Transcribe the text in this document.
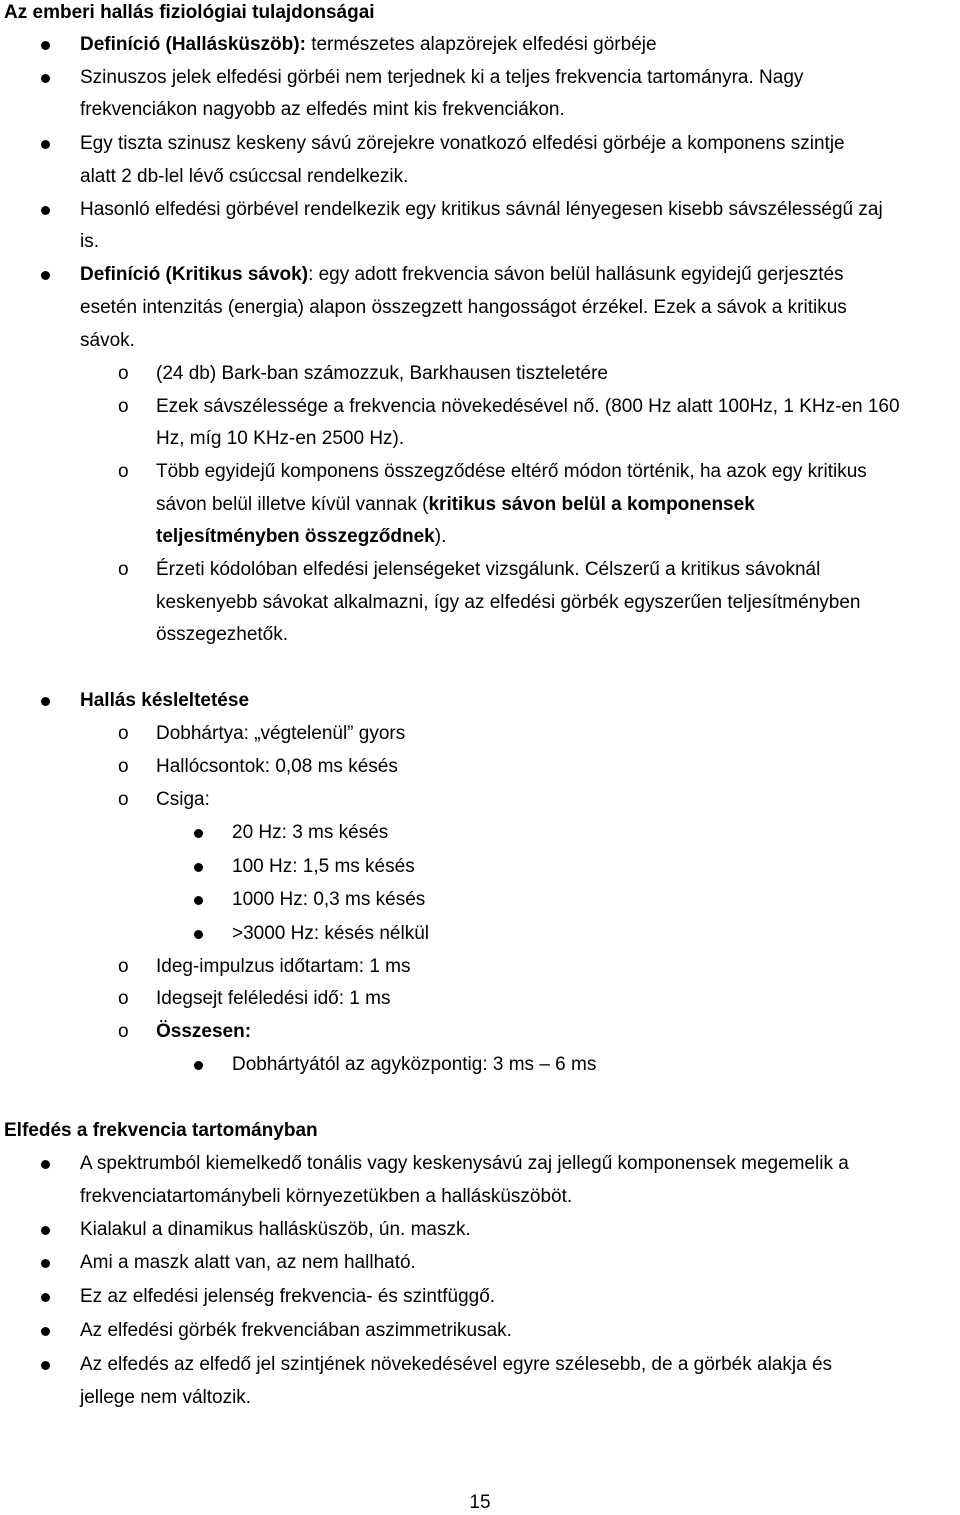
Az emberi hallás fiziológiai tulajdonságai
Definíció (Hallásküszöb): természetes alapzörejek elfedési görbéje
Szinuszos jelek elfedési görbéi nem terjednek ki a teljes frekvencia tartományra. Nagy
frekvenciákon nagyobb az elfedés mint kis frekvenciákon.
Egy tiszta szinusz keskeny sávú zörejekre vonatkozó elfedési görbéje a komponens szintje
alatt 2 db-lel lévő csúccsal rendelkezik.
Hasonló elfedési görbével rendelkezik egy kritikus sávnál lényegesen kisebb sávszélességű zaj
is.
Definíció (Kritikus sávok): egy adott frekvencia sávon belül hallásunk egyidejű gerjesztés
esetén intenzitás (energia) alapon összegzett hangosságot érzékel. Ezek a sávok a kritikus
sávok.
o (24 db) Bark-ban számozzuk, Barkhausen tiszteletére
o Ezek sávszélessége a frekvencia növekedésével nő. (800 Hz alatt 100Hz, 1 KHz-en 160
Hz, míg 10 KHz-en 2500 Hz).
o Több egyidejű komponens összegződése eltérő módon történik, ha azok egy kritikus
sávon belül illetve kívül vannak (kritikus sávon belül a komponensek
teljesítményben összegződnek).
o Érzeti kódolóban elfedési jelenségeket vizsgálunk. Célszerű a kritikus sávoknál
keskenyebb sávokat alkalmazni, így az elfedési görbék egyszerűen teljesítményben
összegezhetők.
Hallás késleltetése
o Dobhártya: „végtelenül” gyors
o Hallócsontok: 0,08 ms késés
o Csiga:
20 Hz: 3 ms késés
100 Hz: 1,5 ms késés
1000 Hz: 0,3 ms késés
>3000 Hz: késés nélkül
o Ideg-impulzus időtartam: 1 ms
o Idegsejt feléledési idő: 1 ms
o Összesen:
Dobhártyától az agyközpontig: 3 ms – 6 ms
Elfedés a frekvencia tartományban
A spektrumból kiemelkedő tonális vagy keskenysávú zaj jellegű komponensek megemelik a
frekvenciatartománybeli környezetükben a hallásküszöböt.
Kialakul a dinamikus hallásküszöb, ún. maszk.
Ami a maszk alatt van, az nem hallható.
Ez az elfedési jelenség frekvencia- és szintfüggő.
Az elfedési görbék frekvenciában aszimmetrikusak.
Az elfedés az elfedő jel szintjének növekedésével egyre szélesebb, de a görbék alakja és
jellege nem változik.
15
